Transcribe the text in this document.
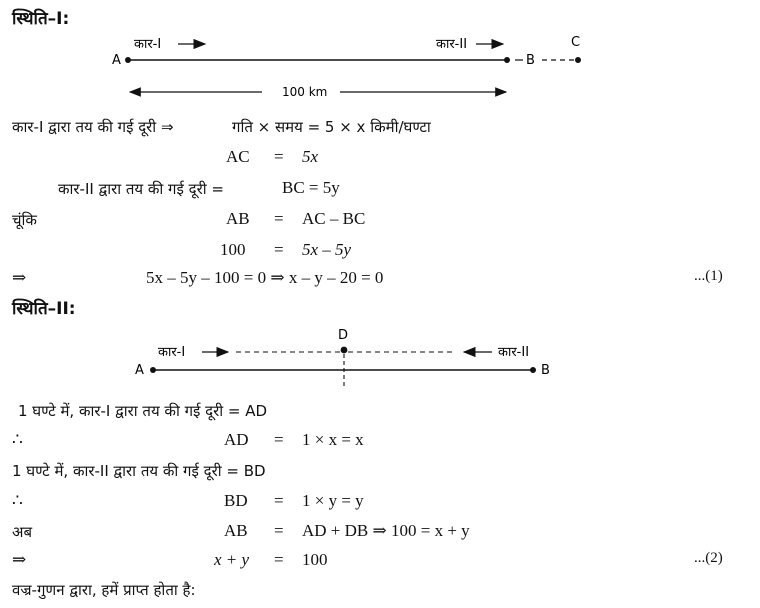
स्थिति–I:
कार-I	कार-II
A	B
C
100 km
कार-I द्वारा तय की गई दूरी ⇒	गति × समय = 5 × x किमी/घण्टा
AC = 5x
कार-II द्वारा तय की गई दूरी =	BC = 5y
चूंकि	AB = AC – BC
100 = 5x – 5y
⇒	5x – 5y – 100 = 0 ⇒ x – y – 20 = 0	...(1)
स्थिति–II:
D
कार-I	कार-II
A	B
1 घण्टे में, कार-I द्वारा तय की गई दूरी = AD
∴	AD = 1 × x = x
1 घण्टे में, कार-II द्वारा तय की गई दूरी = BD
∴	BD = 1 × y = y
अब	AB = AD + DB ⇒ 100 = x + y
⇒	x + y = 100	...(2)
वज्र-गुणन द्वारा, हमें प्राप्त होता है:
